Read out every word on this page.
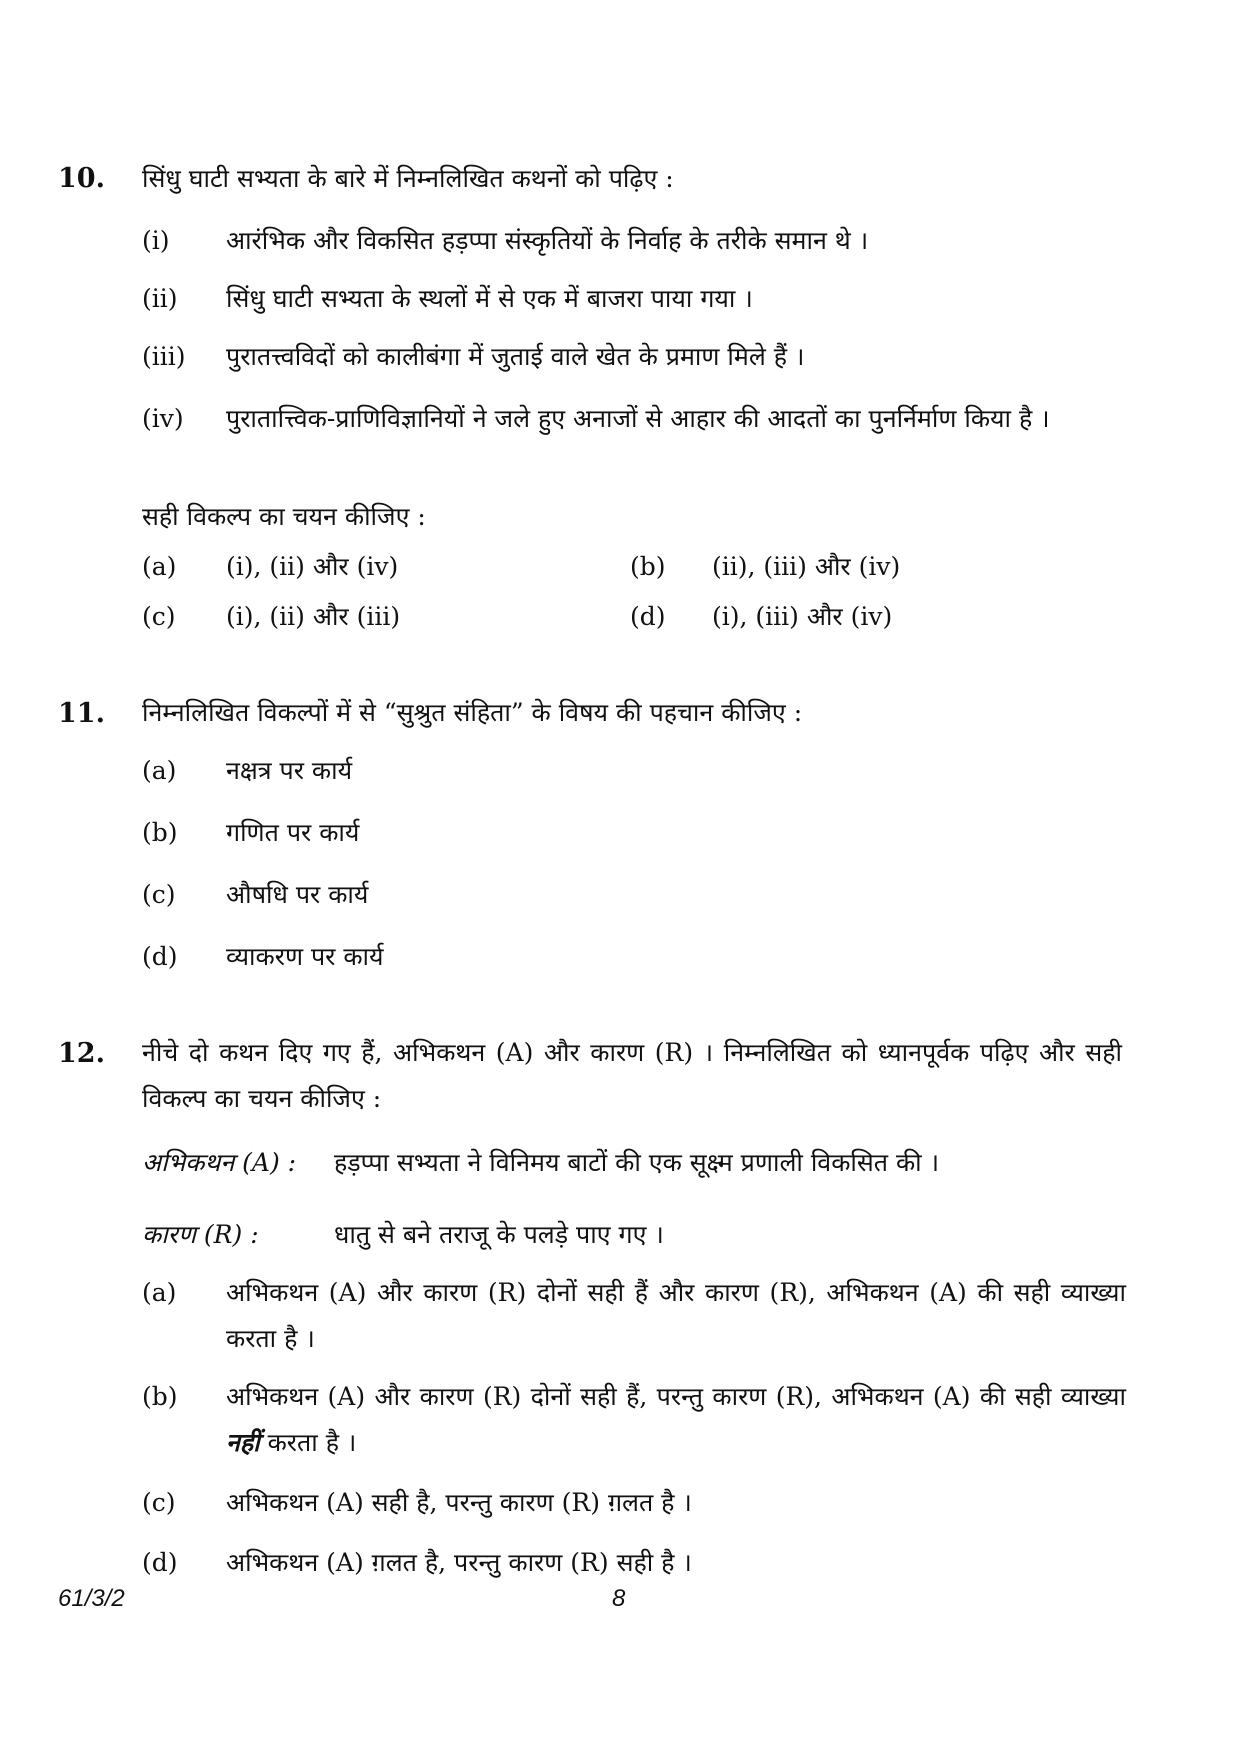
10. सिंधु घाटी सभ्यता के बारे में निम्नलिखित कथनों को पढ़िए :
(i) आरंभिक और विकसित हड़प्पा संस्कृतियों के निर्वाह के तरीके समान थे ।
(ii) सिंधु घाटी सभ्यता के स्थलों में से एक में बाजरा पाया गया ।
(iii) पुरातत्त्वविदों को कालीबंगा में जुताई वाले खेत के प्रमाण मिले हैं ।
(iv) पुरातात्त्विक-प्राणिविज्ञानियों ने जले हुए अनाजों से आहार की आदतों का पुनर्निर्माण किया है ।
सही विकल्प का चयन कीजिए :
(a) (i), (ii) और (iv)	(b) (ii), (iii) और (iv)
(c) (i), (ii) और (iii)	(d) (i), (iii) और (iv)
11. निम्नलिखित विकल्पों में से “सुश्रुत संहिता” के विषय की पहचान कीजिए :
(a) नक्षत्र पर कार्य
(b) गणित पर कार्य
(c) औषधि पर कार्य
(d) व्याकरण पर कार्य
12. नीचे दो कथन दिए गए हैं, अभिकथन (A) और कारण (R) । निम्नलिखित को ध्यानपूर्वक पढ़िए और सही विकल्प का चयन कीजिए :
अभिकथन (A) : हड़प्पा सभ्यता ने विनिमय बाटों की एक सूक्ष्म प्रणाली विकसित की ।
कारण (R) :	धातु से बने तराजू के पलड़े पाए गए ।
(a) अभिकथन (A) और कारण (R) दोनों सही हैं और कारण (R), अभिकथन (A) की सही व्याख्या करता है ।
(b) अभिकथन (A) और कारण (R) दोनों सही हैं, परन्तु कारण (R), अभिकथन (A) की सही व्याख्या नहीं करता है ।
(c) अभिकथन (A) सही है, परन्तु कारण (R) ग़लत है ।
(d) अभिकथन (A) ग़लत है, परन्तु कारण (R) सही है ।
61/3/2	8
